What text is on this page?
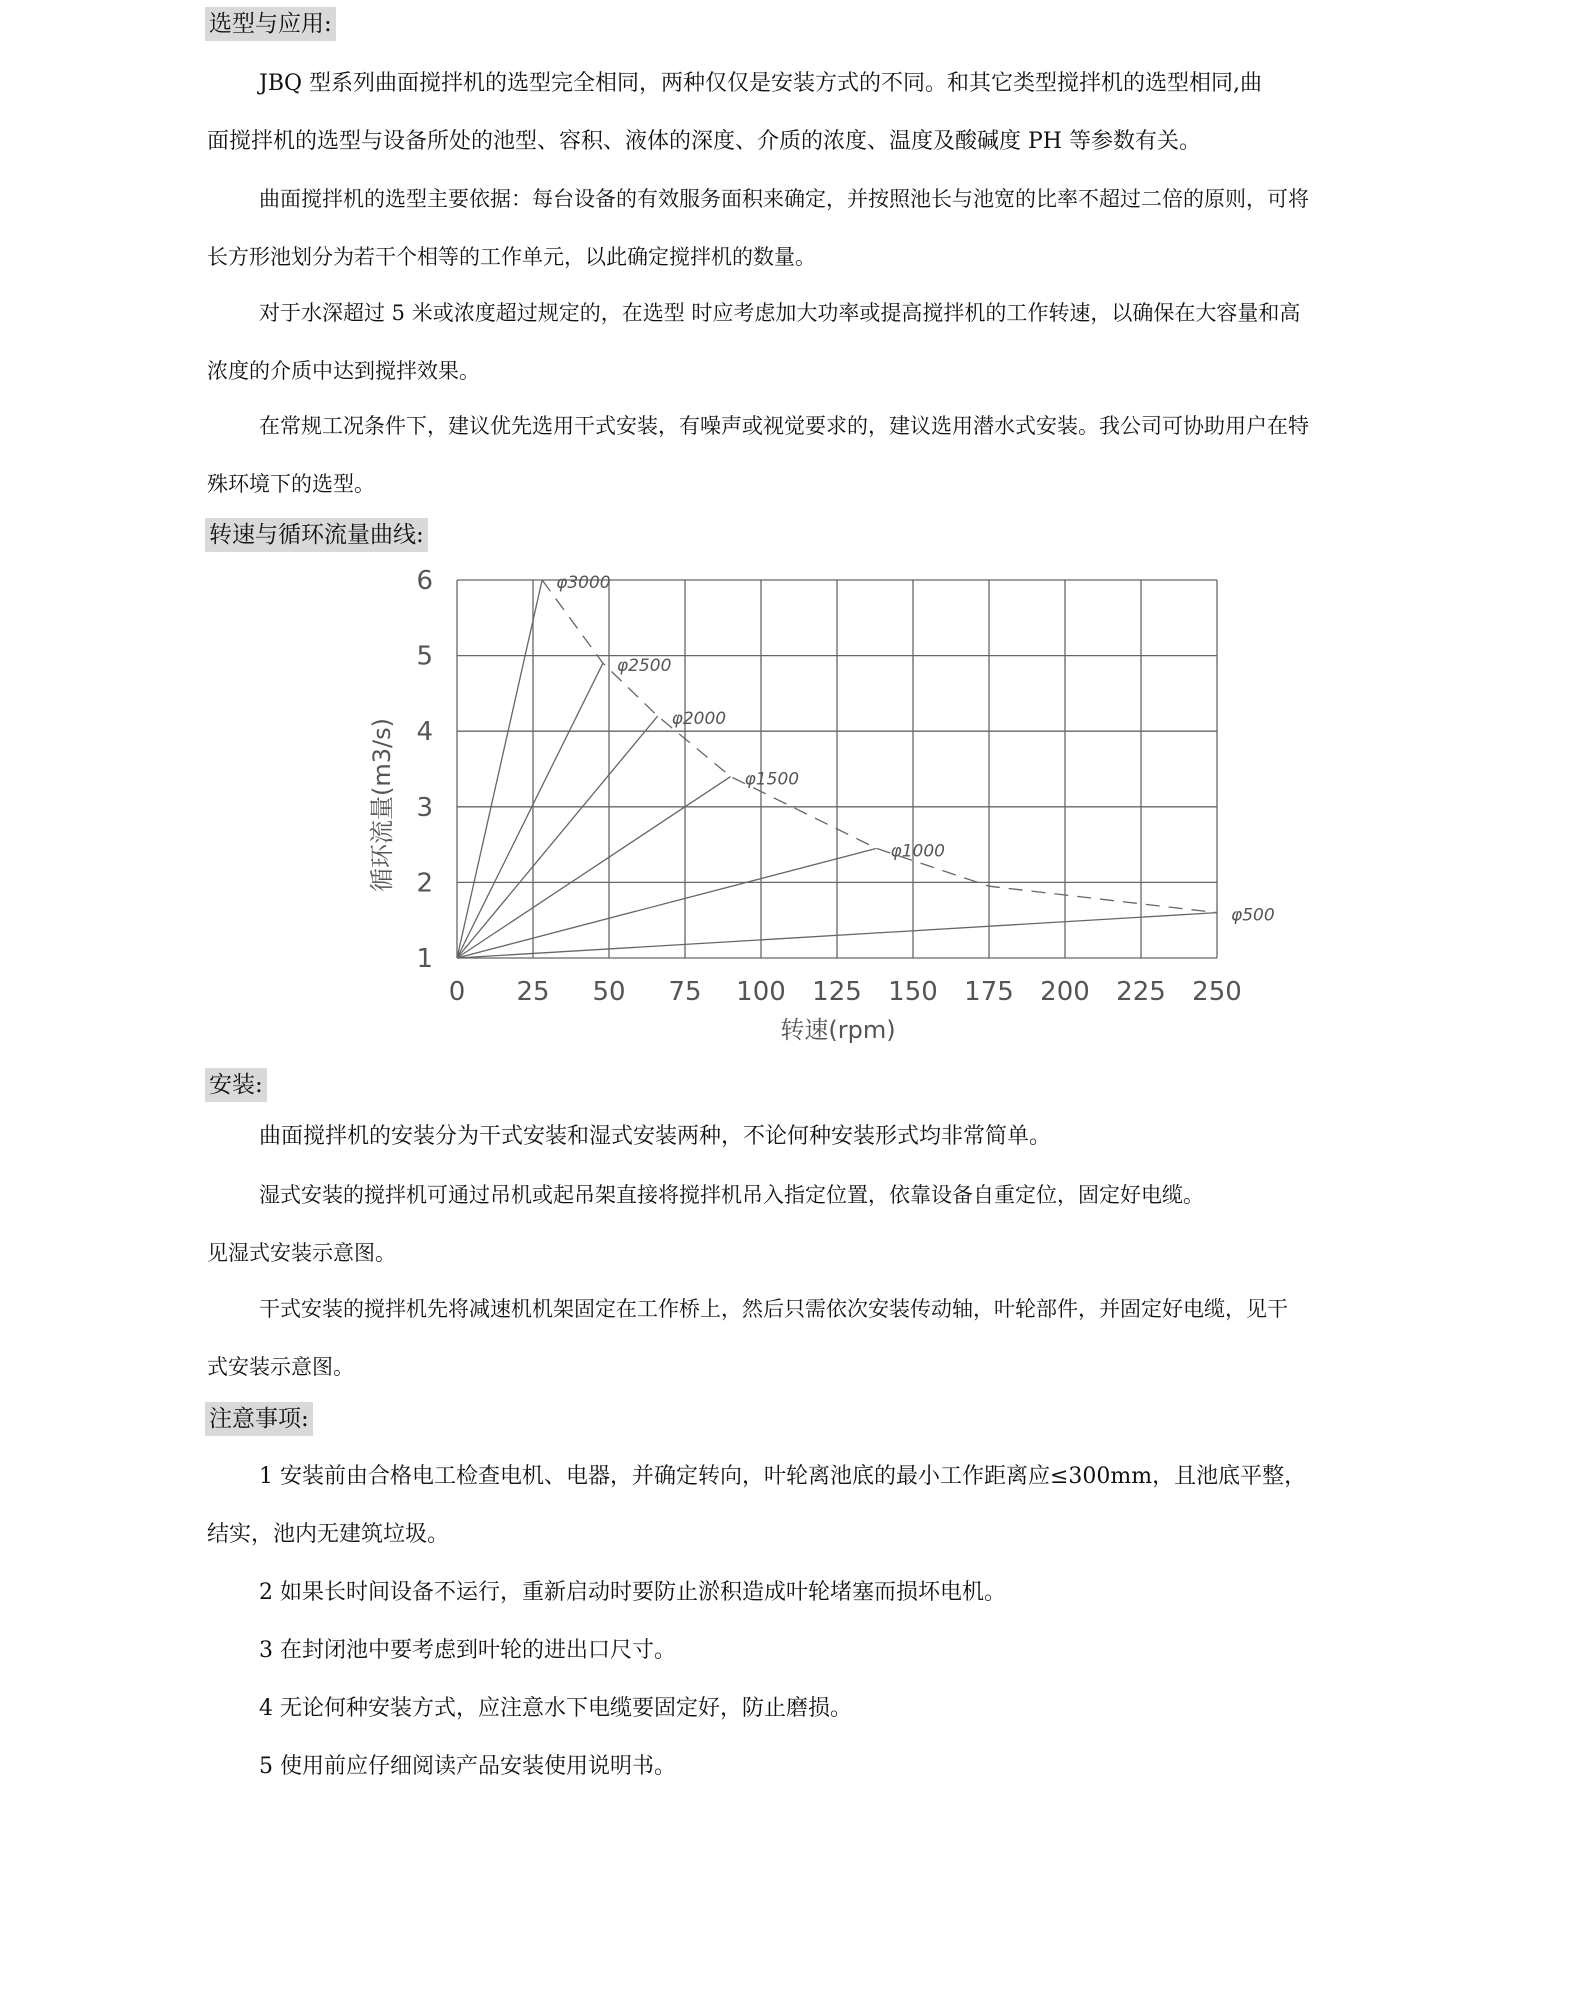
选型与应用:
JBQ 型系列曲面搅拌机的选型完全相同，两种仅仅是安装方式的不同。和其它类型搅拌机的选型相同,曲
面搅拌机的选型与设备所处的池型、容积、液体的深度、介质的浓度、温度及酸碱度 PH 等参数有关。
曲面搅拌机的选型主要依据：每台设备的有效服务面积来确定，并按照池长与池宽的比率不超过二倍的原则，可将
长方形池划分为若干个相等的工作单元，以此确定搅拌机的数量。
对于水深超过 5 米或浓度超过规定的，在选型 时应考虑加大功率或提高搅拌机的工作转速，以确保在大容量和高
浓度的介质中达到搅拌效果。
在常规工况条件下，建议优先选用干式安装，有噪声或视觉要求的，建议选用潜水式安装。我公司可协助用户在特
殊环境下的选型。
转速与循环流量曲线:
φ3000
φ2500
φ2000
φ1500
φ1000
φ500
0 25 50 75 100 125 150 175 200 225 250
1
2
3
4
5
6
转速(rpm)
循环流量(m3/s)
安装:
曲面搅拌机的安装分为干式安装和湿式安装两种，不论何种安装形式均非常简单。
湿式安装的搅拌机可通过吊机或起吊架直接将搅拌机吊入指定位置，依靠设备自重定位，固定好电缆。
见湿式安装示意图。
干式安装的搅拌机先将减速机机架固定在工作桥上，然后只需依次安装传动轴，叶轮部件，并固定好电缆，见干
式安装示意图。
注意事项:
1 安装前由合格电工检查电机、电器，并确定转向，叶轮离池底的最小工作距离应≤300mm，且池底平整，
结实，池内无建筑垃圾。
2 如果长时间设备不运行，重新启动时要防止淤积造成叶轮堵塞而损坏电机。
3 在封闭池中要考虑到叶轮的进出口尺寸。
4 无论何种安装方式，应注意水下电缆要固定好，防止磨损。
5 使用前应仔细阅读产品安装使用说明书。
